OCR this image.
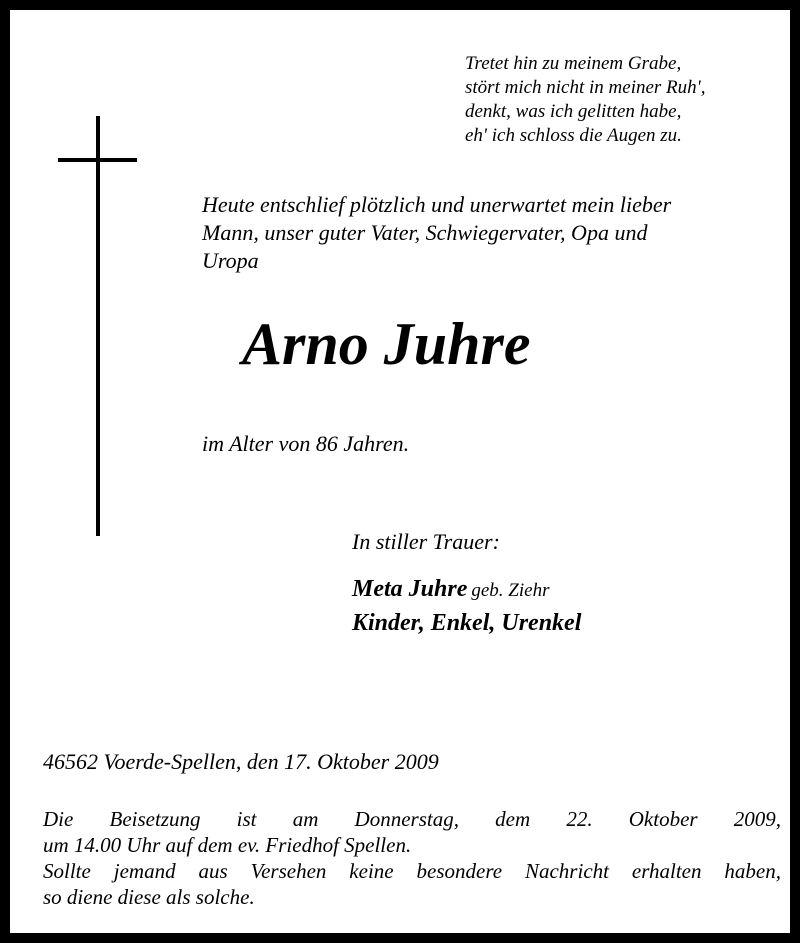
Tretet hin zu meinem Grabe,
stört mich nicht in meiner Ruh',
denkt, was ich gelitten habe,
eh' ich schloss die Augen zu.
Heute entschlief plötzlich und unerwartet mein lieber
Mann, unser guter Vater, Schwiegervater, Opa und
Uropa
Arno Juhre
im Alter von 86 Jahren.
In stiller Trauer:
Meta Juhre geb. Ziehr
Kinder, Enkel, Urenkel
46562 Voerde-Spellen, den 17. Oktober 2009
Die Beisetzung ist am Donnerstag, dem 22. Oktober 2009,
um 14.00 Uhr auf dem ev. Friedhof Spellen.
Sollte jemand aus Versehen keine besondere Nachricht erhalten haben,
so diene diese als solche.
